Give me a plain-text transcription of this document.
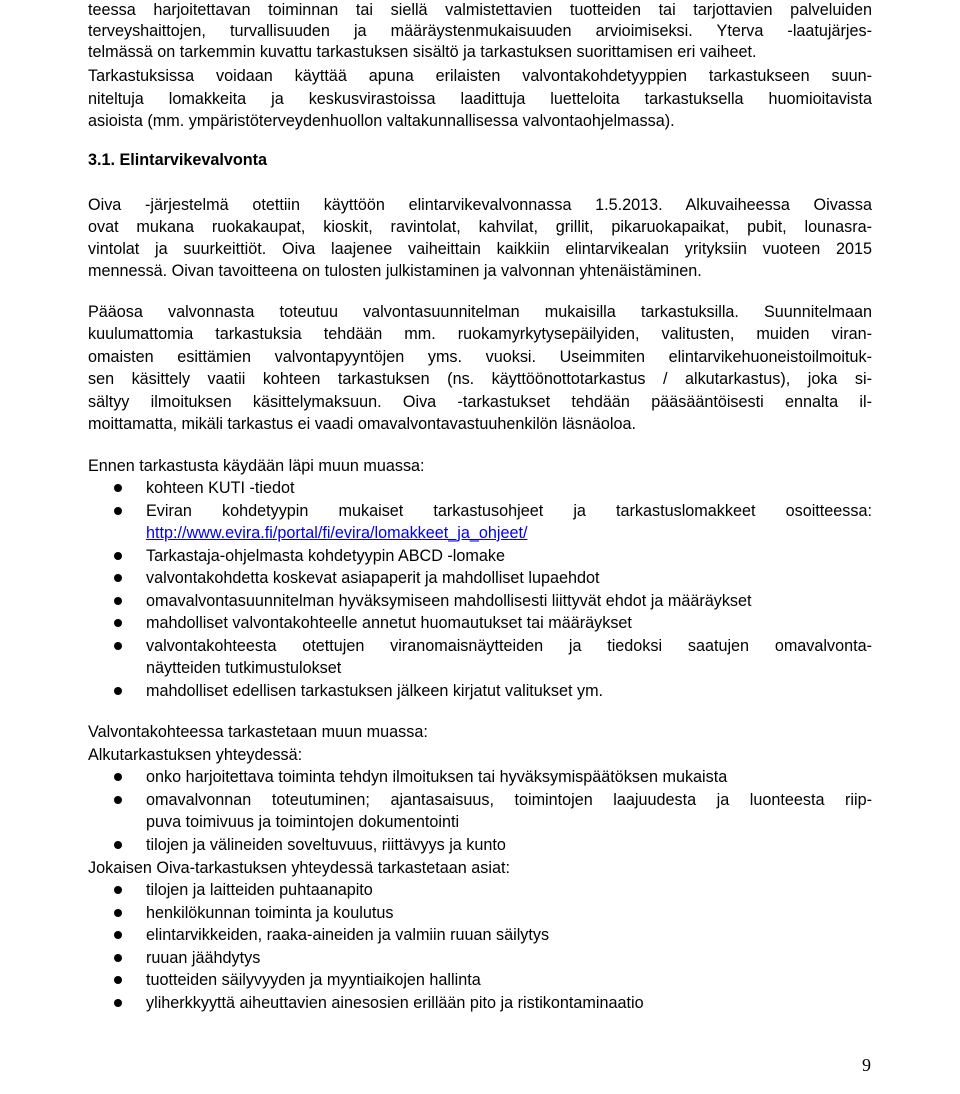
teessa harjoitettavan toiminnan tai siellä valmistettavien tuotteiden tai tarjottavien palveluiden
terveyshaittojen, turvallisuuden ja määräystenmukaisuuden arvioimiseksi. Yterva -laatujärjes-
telmässä on tarkemmin kuvattu tarkastuksen sisältö ja tarkastuksen suorittamisen eri vaiheet.
Tarkastuksissa voidaan käyttää apuna erilaisten valvontakohdetyyppien tarkastukseen suun-
niteltuja lomakkeita ja keskusvirastoissa laadittuja luetteloita tarkastuksella huomioitavista
asioista (mm. ympäristöterveydenhuollon valtakunnallisessa valvontaohjelmassa).
3.1. Elintarvikevalvonta
Oiva -järjestelmä otettiin käyttöön elintarvikevalvonnassa 1.5.2013. Alkuvaiheessa Oivassa
ovat mukana ruokakaupat, kioskit, ravintolat, kahvilat, grillit, pikaruokapaikat, pubit, lounasra-
vintolat ja suurkeittiöt. Oiva laajenee vaiheittain kaikkiin elintarvikealan yrityksiin vuoteen 2015
mennessä. Oivan tavoitteena on tulosten julkistaminen ja valvonnan yhtenäistäminen.
Pääosa valvonnasta toteutuu valvontasuunnitelman mukaisilla tarkastuksilla. Suunnitelmaan
kuulumattomia tarkastuksia tehdään mm. ruokamyrkytysepäilyiden, valitusten, muiden viran-
omaisten esittämien valvontapyyntöjen yms. vuoksi. Useimmiten elintarvikehuoneistoilmoituk-
sen käsittely vaatii kohteen tarkastuksen (ns. käyttöönottotarkastus / alkutarkastus), joka si-
sältyy ilmoituksen käsittelymaksuun. Oiva -tarkastukset tehdään pääsääntöisesti ennalta il-
moittamatta, mikäli tarkastus ei vaadi omavalvontavastuuhenkilön läsnäoloa.
Ennen tarkastusta käydään läpi muun muassa:
kohteen KUTI -tiedot
Eviran kohdetyypin mukaiset tarkastusohjeet ja tarkastuslomakkeet osoitteessa:
http://www.evira.fi/portal/fi/evira/lomakkeet_ja_ohjeet/
Tarkastaja-ohjelmasta kohdetyypin ABCD -lomake
valvontakohdetta koskevat asiapaperit ja mahdolliset lupaehdot
omavalvontasuunnitelman hyväksymiseen mahdollisesti liittyvät ehdot ja määräykset
mahdolliset valvontakohteelle annetut huomautukset tai määräykset
valvontakohteesta otettujen viranomaisnäytteiden ja tiedoksi saatujen omavalvonta-
näytteiden tutkimustulokset
mahdolliset edellisen tarkastuksen jälkeen kirjatut valitukset ym.
Valvontakohteessa tarkastetaan muun muassa:
Alkutarkastuksen yhteydessä:
onko harjoitettava toiminta tehdyn ilmoituksen tai hyväksymispäätöksen mukaista
omavalvonnan toteutuminen; ajantasaisuus, toimintojen laajuudesta ja luonteesta riip-
puva toimivuus ja toimintojen dokumentointi
tilojen ja välineiden soveltuvuus, riittävyys ja kunto
Jokaisen Oiva-tarkastuksen yhteydessä tarkastetaan asiat:
tilojen ja laitteiden puhtaanapito
henkilökunnan toiminta ja koulutus
elintarvikkeiden, raaka-aineiden ja valmiin ruuan säilytys
ruuan jäähdytys
tuotteiden säilyvyyden ja myyntiaikojen hallinta
yliherkkyyttä aiheuttavien ainesosien erillään pito ja ristikontaminaatio
9
